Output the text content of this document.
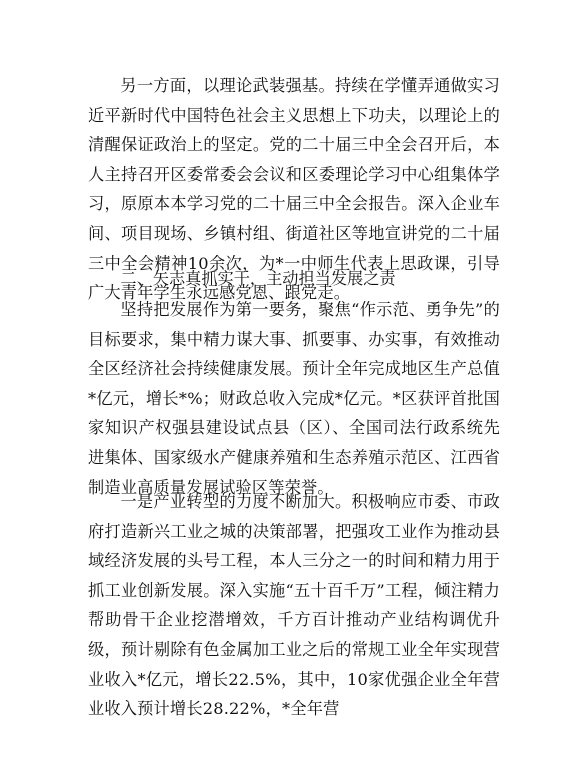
另一方面，以理论武装强基。持续在学懂弄通做实习近平新时代中国特色社会主义思想上下功夫，以理论上的清醒保证政治上的坚定。党的二十届三中全会召开后，本人主持召开区委常委会会议和区委理论学习中心组集体学习，原原本本学习党的二十届三中全会报告。深入企业车间、项目现场、乡镇村组、街道社区等地宣讲党的二十届三中全会精神10余次，为*一中师生代表上思政课，引导广大青年学生永远感党恩、跟党走。

二、矢志真抓实干，主动担当发展之责

坚持把发展作为第一要务，聚焦“作示范、勇争先”的目标要求，集中精力谋大事、抓要事、办实事，有效推动全区经济社会持续健康发展。预计全年完成地区生产总值*亿元，增长*%；财政总收入完成*亿元。*区获评首批国家知识产权强县建设试点县（区）、全国司法行政系统先进集体、国家级水产健康养殖和生态养殖示范区、江西省制造业高质量发展试验区等荣誉。

一是产业转型的力度不断加大。积极响应市委、市政府打造新兴工业之城的决策部署，把强攻工业作为推动县域经济发展的头号工程，本人三分之一的时间和精力用于抓工业创新发展。深入实施“五十百千万”工程，倾注精力帮助骨干企业挖潜增效，千方百计推动产业结构调优升级，预计剔除有色金属加工业之后的常规工业全年实现营业收入*亿元，增长22.5%，其中，10家优强企业全年营业收入预计增长28.22%，*全年营
